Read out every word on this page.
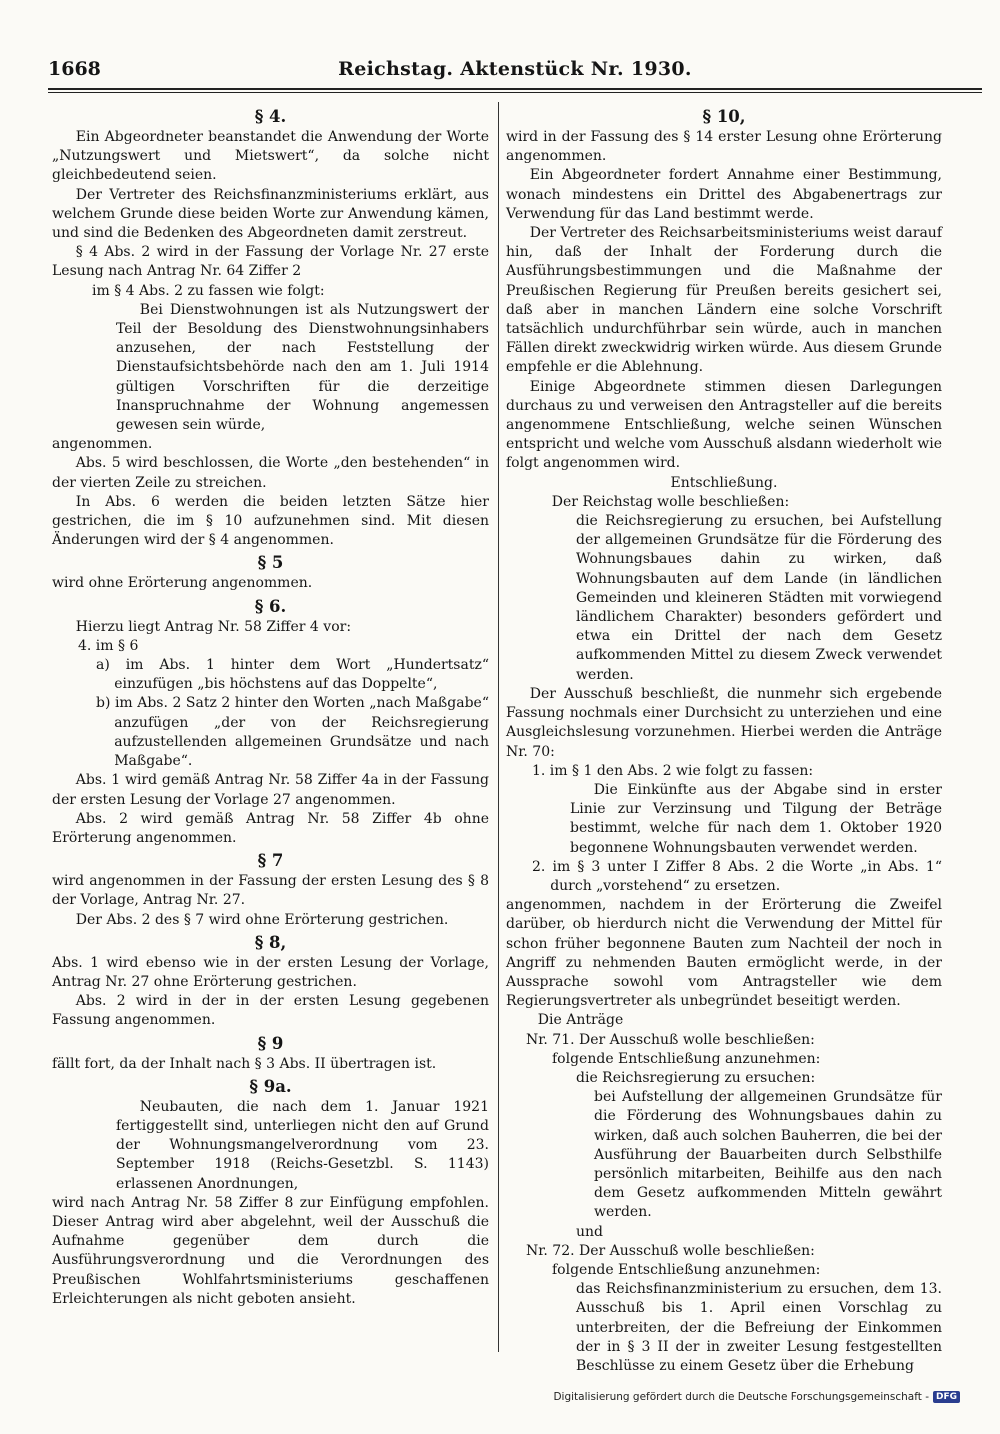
1668	Reichstag. Aktenstück Nr. 1930.
§ 4.

Ein Abgeordneter beanstandet die Anwendung der Worte „Nutzungswert und Mietswert“, da solche nicht gleichbedeutend seien.

Der Vertreter des Reichsfinanzministeriums erklärt, aus welchem Grunde diese beiden Worte zur Anwendung kämen, und sind die Bedenken des Abgeordneten damit zerstreut.

§ 4 Abs. 2 wird in der Fassung der Vorlage Nr. 27 erste Lesung nach Antrag Nr. 64 Ziffer 2

im § 4 Abs. 2 zu fassen wie folgt:

Bei Dienstwohnungen ist als Nutzungswert der Teil der Besoldung des Dienstwohnungsinhabers anzusehen, der nach Feststellung der Dienstaufsichtsbehörde nach den am 1. Juli 1914 gültigen Vorschriften für die derzeitige Inanspruchnahme der Wohnung angemessen gewesen sein würde,

angenommen.

Abs. 5 wird beschlossen, die Worte „den bestehenden“ in der vierten Zeile zu streichen.

In Abs. 6 werden die beiden letzten Sätze hier gestrichen, die im § 10 aufzunehmen sind. Mit diesen Änderungen wird der § 4 angenommen.

§ 5

wird ohne Erörterung angenommen.

§ 6.

Hierzu liegt Antrag Nr. 58 Ziffer 4 vor:

4. im § 6

a) im Abs. 1 hinter dem Wort „Hundertsatz“ einzufügen „bis höchstens auf das Doppelte“,

b) im Abs. 2 Satz 2 hinter den Worten „nach Maßgabe“ anzufügen „der von der Reichsregierung aufzustellenden allgemeinen Grundsätze und nach Maßgabe“.

Abs. 1 wird gemäß Antrag Nr. 58 Ziffer 4a in der Fassung der ersten Lesung der Vorlage 27 angenommen.

Abs. 2 wird gemäß Antrag Nr. 58 Ziffer 4b ohne Erörterung angenommen.

§ 7

wird angenommen in der Fassung der ersten Lesung des § 8 der Vorlage, Antrag Nr. 27.

Der Abs. 2 des § 7 wird ohne Erörterung gestrichen.

§ 8,

Abs. 1 wird ebenso wie in der ersten Lesung der Vorlage, Antrag Nr. 27 ohne Erörterung gestrichen.

Abs. 2 wird in der in der ersten Lesung gegebenen Fassung angenommen.

§ 9

fällt fort, da der Inhalt nach § 3 Abs. II übertragen ist.

§ 9a.

Neubauten, die nach dem 1. Januar 1921 fertiggestellt sind, unterliegen nicht den auf Grund der Wohnungsmangelverordnung vom 23. September 1918 (Reichs-Gesetzbl. S. 1143) erlassenen Anordnungen,

wird nach Antrag Nr. 58 Ziffer 8 zur Einfügung empfohlen. Dieser Antrag wird aber abgelehnt, weil der Ausschuß die Aufnahme gegenüber dem durch die Ausführungsverordnung und die Verordnungen des Preußischen Wohlfahrtsministeriums geschaffenen Erleichterungen als nicht geboten ansieht.

§ 10,

wird in der Fassung des § 14 erster Lesung ohne Erörterung angenommen.

Ein Abgeordneter fordert Annahme einer Bestimmung, wonach mindestens ein Drittel des Abgabenertrags zur Verwendung für das Land bestimmt werde.

Der Vertreter des Reichsarbeitsministeriums weist darauf hin, daß der Inhalt der Forderung durch die Ausführungsbestimmungen und die Maßnahme der Preußischen Regierung für Preußen bereits gesichert sei, daß aber in manchen Ländern eine solche Vorschrift tatsächlich undurchführbar sein würde, auch in manchen Fällen direkt zweckwidrig wirken würde. Aus diesem Grunde empfehle er die Ablehnung.

Einige Abgeordnete stimmen diesen Darlegungen durchaus zu und verweisen den Antragsteller auf die bereits angenommene Entschließung, welche seinen Wünschen entspricht und welche vom Ausschuß alsdann wiederholt wie folgt angenommen wird.

Entschließung.

Der Reichstag wolle beschließen:

die Reichsregierung zu ersuchen, bei Aufstellung der allgemeinen Grundsätze für die Förderung des Wohnungsbaues dahin zu wirken, daß Wohnungsbauten auf dem Lande (in ländlichen Gemeinden und kleineren Städten mit vorwiegend ländlichem Charakter) besonders gefördert und etwa ein Drittel der nach dem Gesetz aufkommenden Mittel zu diesem Zweck verwendet werden.

Der Ausschuß beschließt, die nunmehr sich ergebende Fassung nochmals einer Durchsicht zu unterziehen und eine Ausgleichslesung vorzunehmen. Hierbei werden die Anträge Nr. 70:

1. im § 1 den Abs. 2 wie folgt zu fassen:

Die Einkünfte aus der Abgabe sind in erster Linie zur Verzinsung und Tilgung der Beträge bestimmt, welche für nach dem 1. Oktober 1920 begonnene Wohnungsbauten verwendet werden.

2. im § 3 unter I Ziffer 8 Abs. 2 die Worte „in Abs. 1“ durch „vorstehend“ zu ersetzen.

angenommen, nachdem in der Erörterung die Zweifel darüber, ob hierdurch nicht die Verwendung der Mittel für schon früher begonnene Bauten zum Nachteil der noch in Angriff zu nehmenden Bauten ermöglicht werde, in der Aussprache sowohl vom Antragsteller wie dem Regierungsvertreter als unbegründet beseitigt werden.

Die Anträge

Nr. 71. Der Ausschuß wolle beschließen:

folgende Entschließung anzunehmen:

die Reichsregierung zu ersuchen:

bei Aufstellung der allgemeinen Grundsätze für die Förderung des Wohnungsbaues dahin zu wirken, daß auch solchen Bauherren, die bei der Ausführung der Bauarbeiten durch Selbsthilfe persönlich mitarbeiten, Beihilfe aus den nach dem Gesetz aufkommenden Mitteln gewährt werden.

und

Nr. 72. Der Ausschuß wolle beschließen:

folgende Entschließung anzunehmen:

das Reichsfinanzministerium zu ersuchen, dem 13. Ausschuß bis 1. April einen Vorschlag zu unterbreiten, der die Befreiung der Einkommen der in § 3 II der in zweiter Lesung festgestellten Beschlüsse zu einem Gesetz über die Erhebung

Digitalisierung gefördert durch die Deutsche Forschungsgemeinschaft - DFG
